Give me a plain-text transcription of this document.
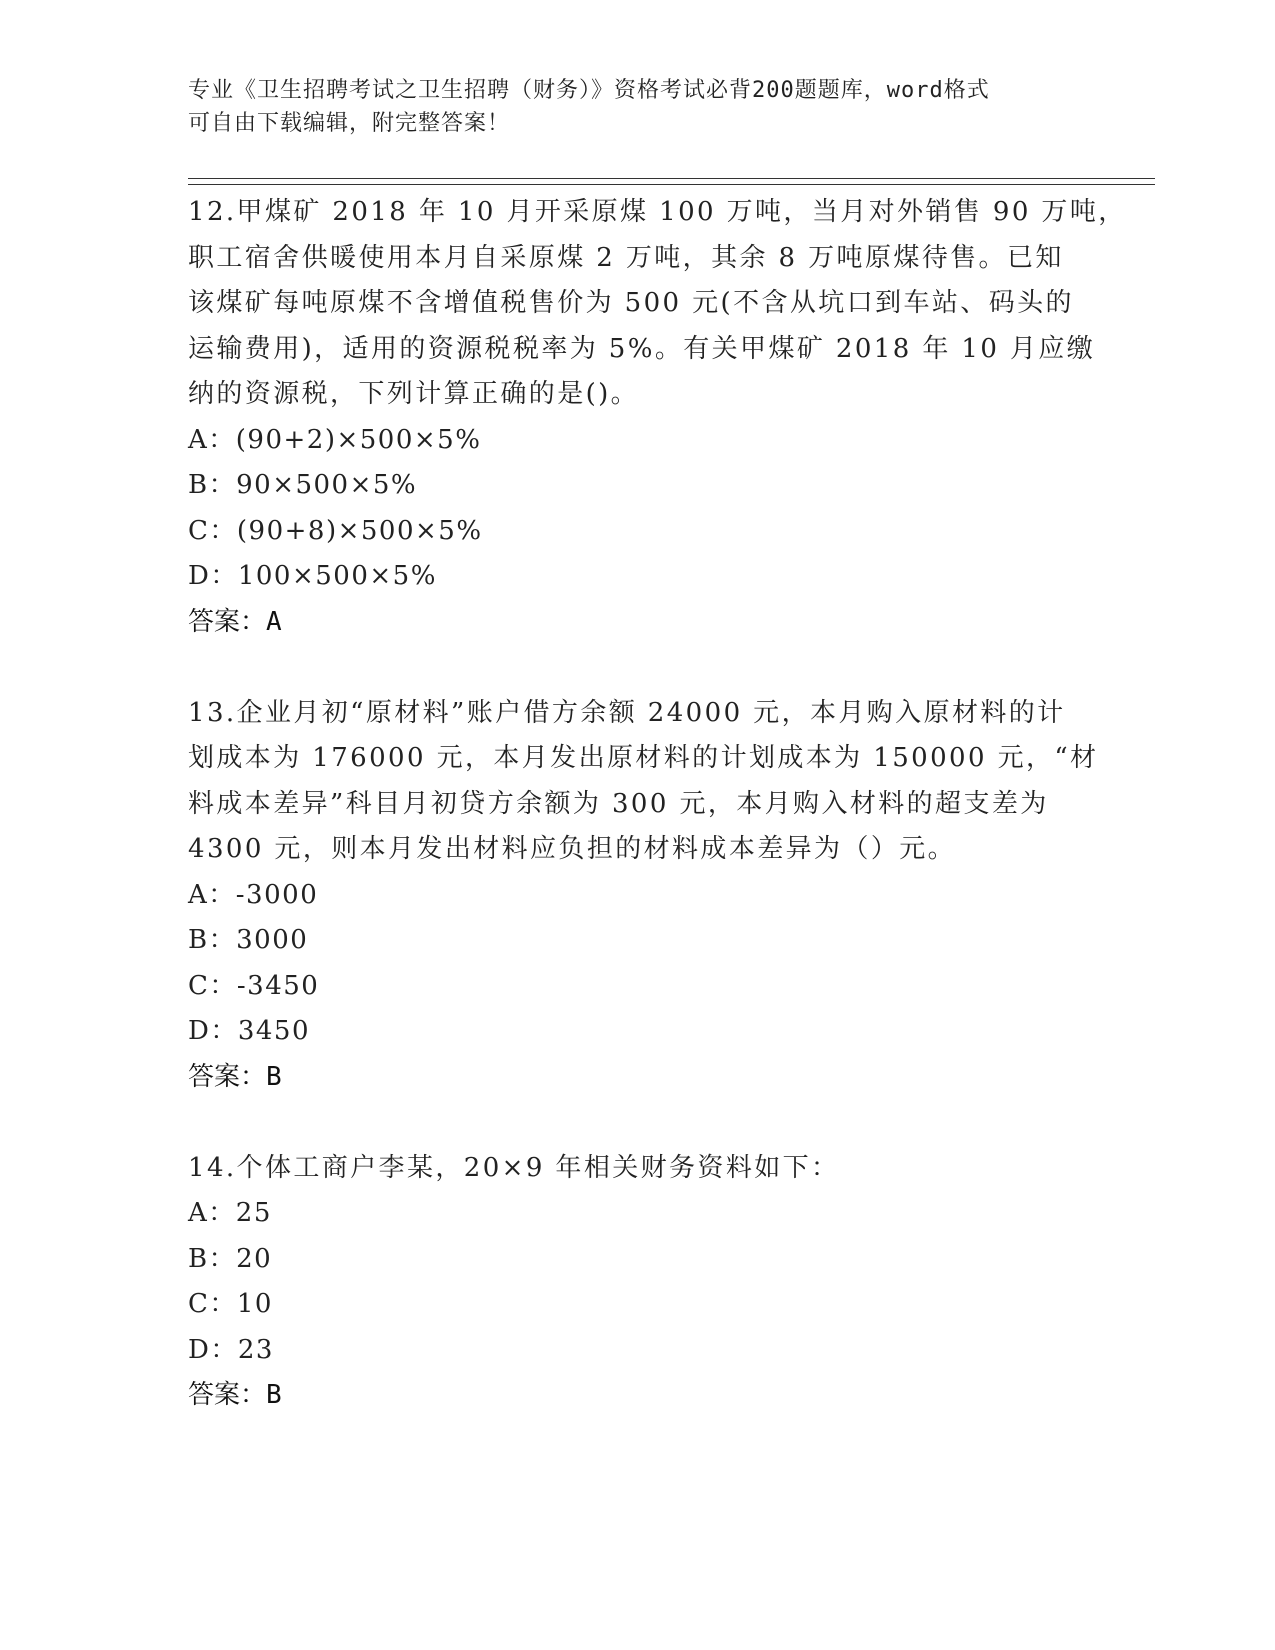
专业《卫生招聘考试之卫生招聘（财务）》资格考试必背200题题库，word格式
可自由下载编辑，附完整答案！
12.甲煤矿 2018 年 10 月开采原煤 100 万吨，当月对外销售 90 万吨，
职工宿舍供暖使用本月自采原煤 2 万吨，其余 8 万吨原煤待售。已知
该煤矿每吨原煤不含增值税售价为 500 元(不含从坑口到车站、码头的
运输费用)，适用的资源税税率为 5%。有关甲煤矿 2018 年 10 月应缴
纳的资源税，下列计算正确的是()。
A：(90+2)×500×5%
B：90×500×5%
C：(90+8)×500×5%
D：100×500×5%
答案：A
13.企业月初“原材料”账户借方余额 24000 元，本月购入原材料的计
划成本为 176000 元，本月发出原材料的计划成本为 150000 元，“材
料成本差异”科目月初贷方余额为 300 元，本月购入材料的超支差为
4300 元，则本月发出材料应负担的材料成本差异为（）元。
A：-3000
B：3000
C：-3450
D：3450
答案：B
14.个体工商户李某，20×9 年相关财务资料如下：
A：25
B：20
C：10
D：23
答案：B
